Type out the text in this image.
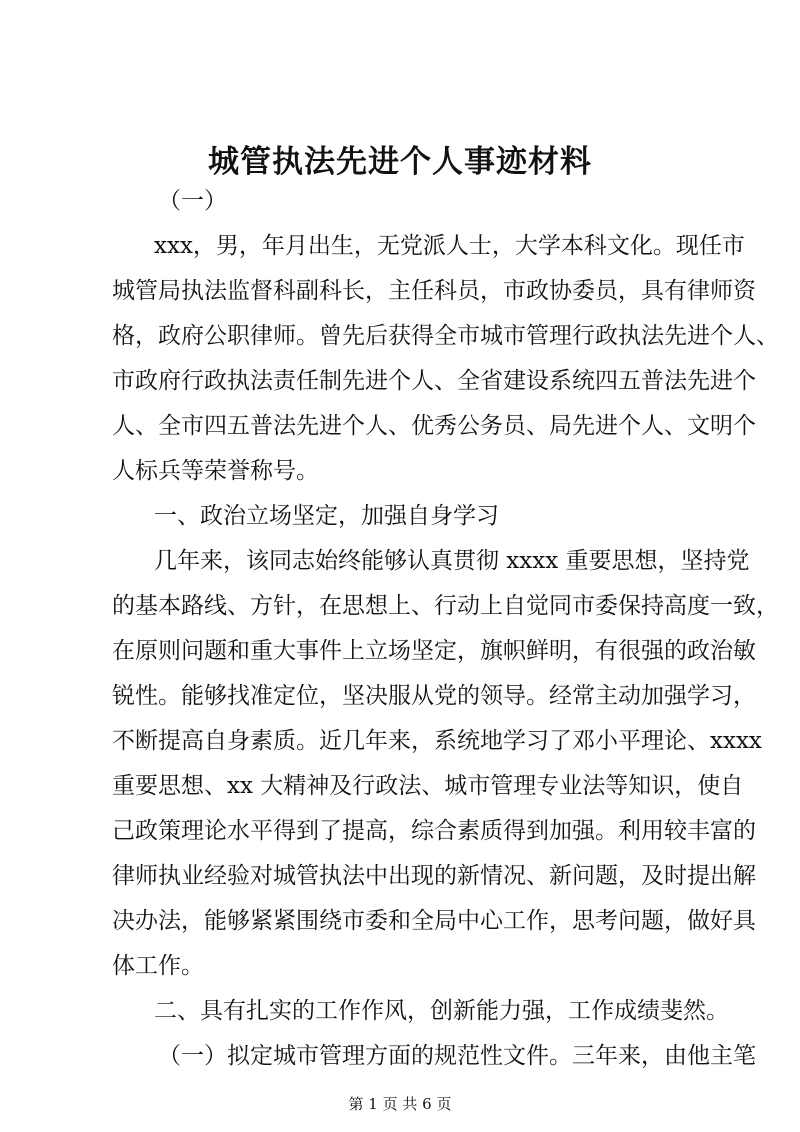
城管执法先进个人事迹材料
（一）
xxx，男，年月出生，无党派人士，大学本科文化。现任市
城管局执法监督科副科长，主任科员，市政协委员，具有律师资
格，政府公职律师。曾先后获得全市城市管理行政执法先进个人、
市政府行政执法责任制先进个人、全省建设系统四五普法先进个
人、全市四五普法先进个人、优秀公务员、局先进个人、文明个
人标兵等荣誉称号。
一、政治立场坚定，加强自身学习
几年来，该同志始终能够认真贯彻 xxxx 重要思想，坚持党
的基本路线、方针，在思想上、行动上自觉同市委保持高度一致，
在原则问题和重大事件上立场坚定，旗帜鲜明，有很强的政治敏
锐性。能够找准定位，坚决服从党的领导。经常主动加强学习，
不断提高自身素质。近几年来，系统地学习了邓小平理论、xxxx
重要思想、xx 大精神及行政法、城市管理专业法等知识，使自
己政策理论水平得到了提高，综合素质得到加强。利用较丰富的
律师执业经验对城管执法中出现的新情况、新问题，及时提出解
决办法，能够紧紧围绕市委和全局中心工作，思考问题，做好具
体工作。
二、具有扎实的工作作风，创新能力强，工作成绩斐然。
（一）拟定城市管理方面的规范性文件。三年来，由他主笔
第 1 页 共 6 页
